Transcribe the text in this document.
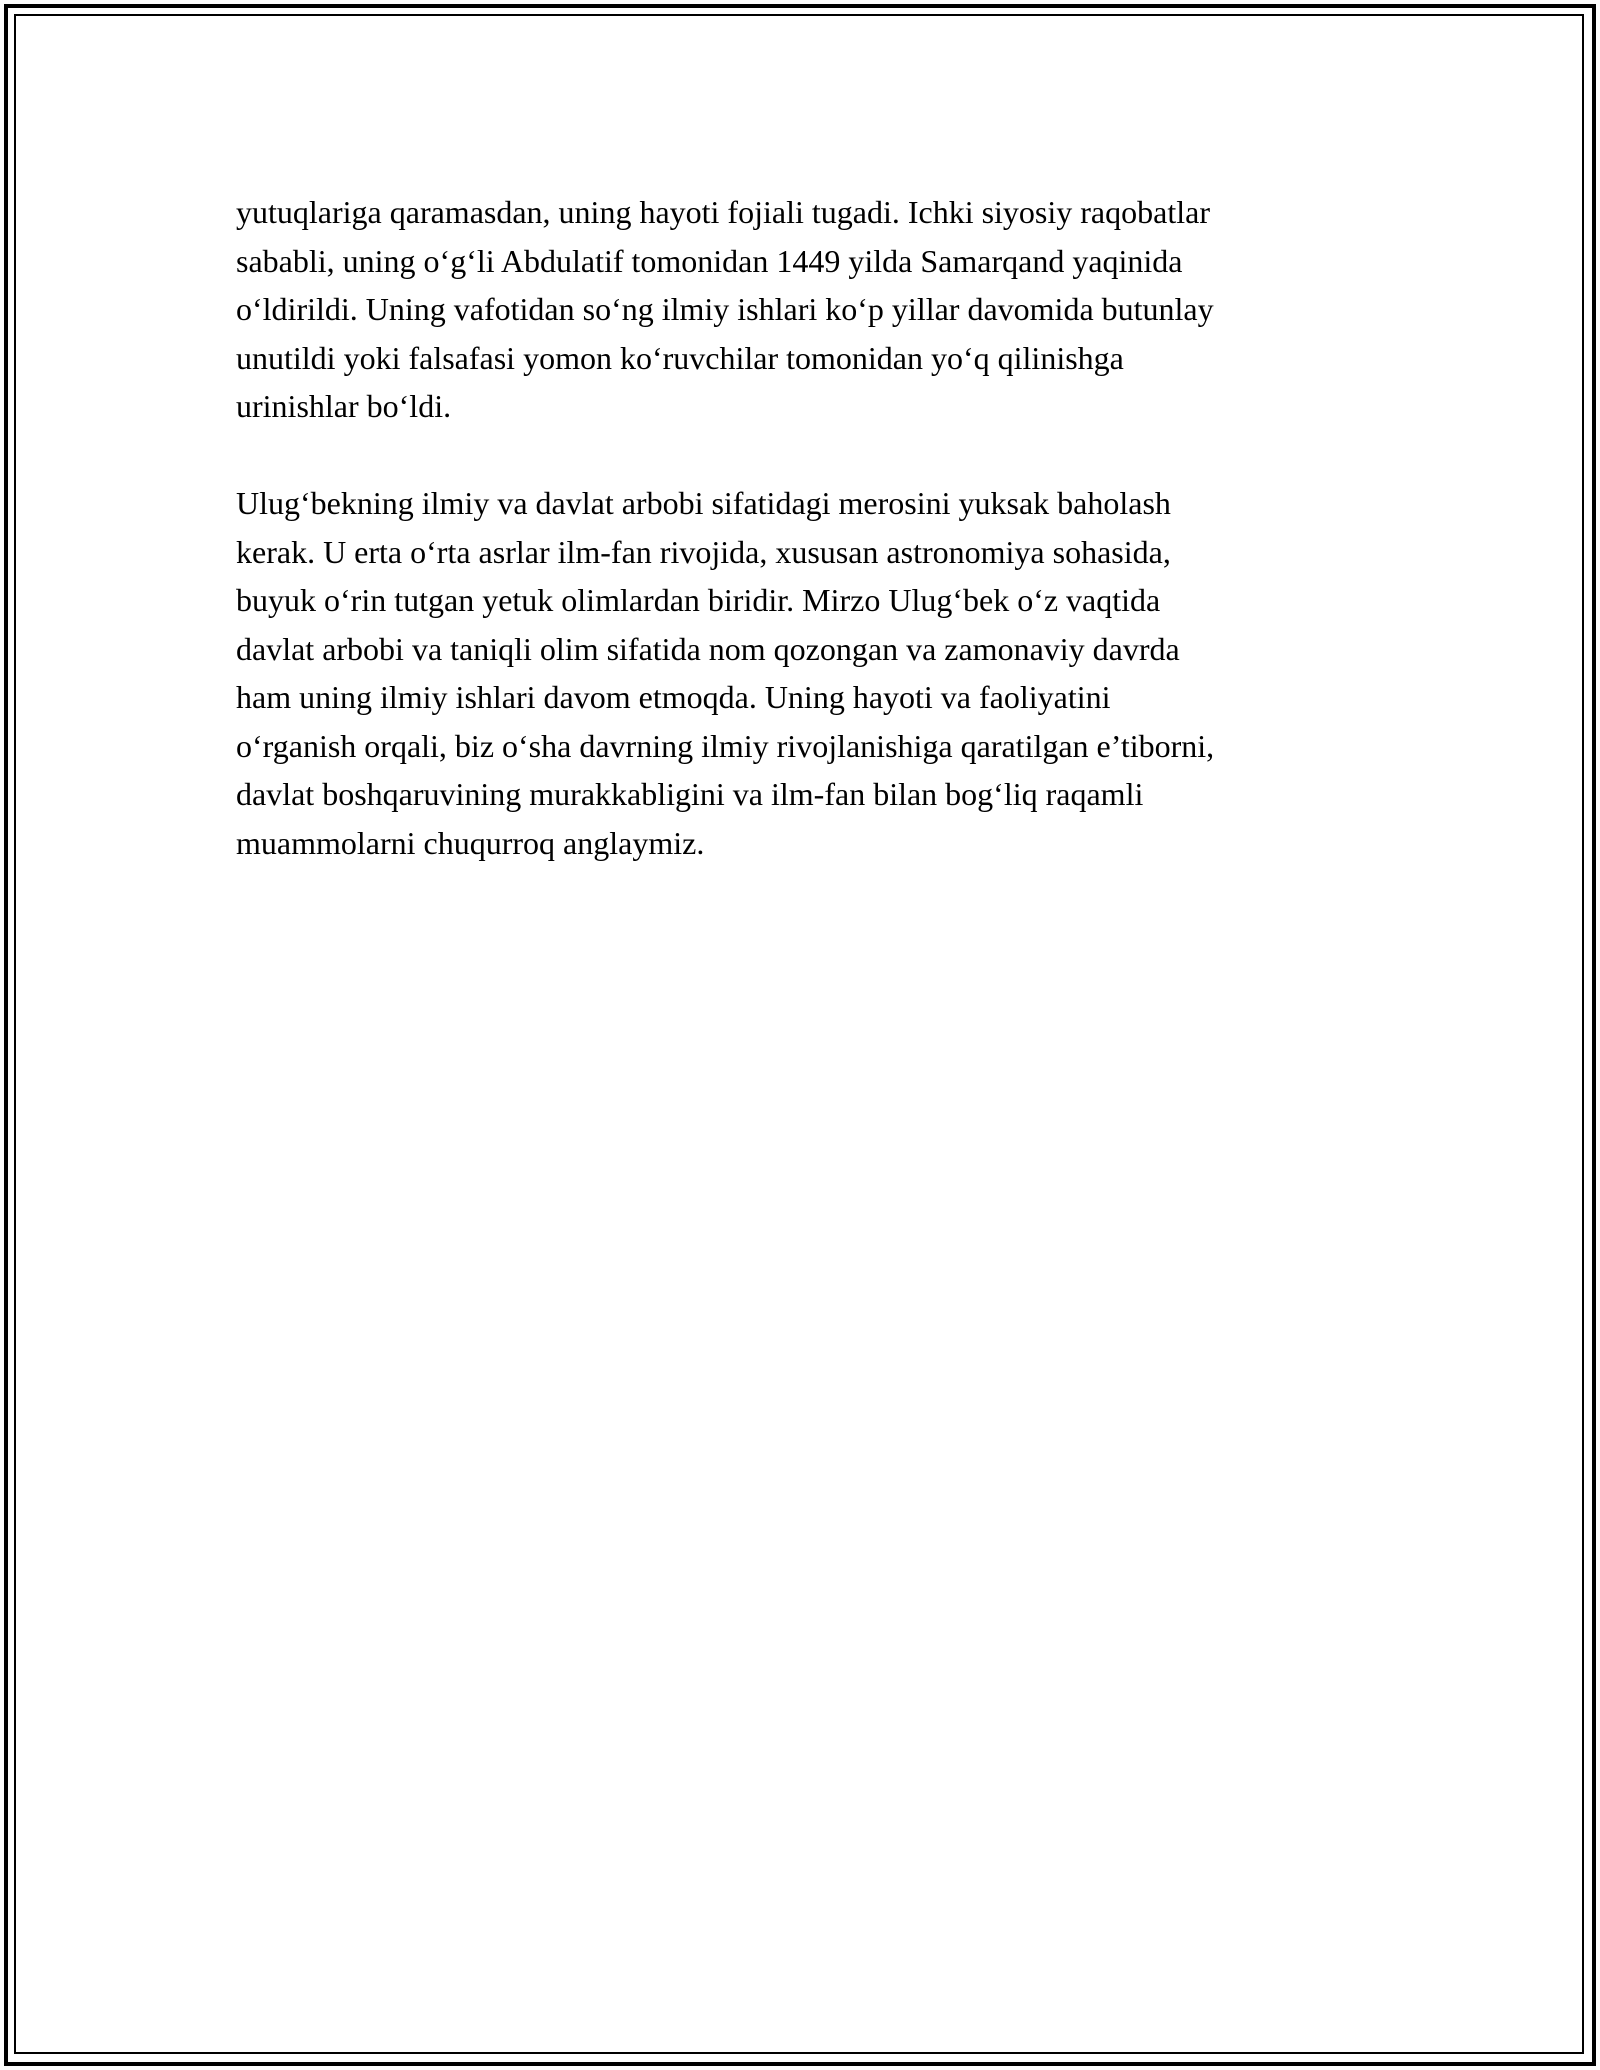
yutuqlariga qaramasdan, uning hayoti fojiali tugadi. Ichki siyosiy raqobatlar
sababli, uning o‘g‘li Abdulatif tomonidan 1449 yilda Samarqand yaqinida
o‘ldirildi. Uning vafotidan so‘ng ilmiy ishlari ko‘p yillar davomida butunlay
unutildi yoki falsafasi yomon ko‘ruvchilar tomonidan yo‘q qilinishga
urinishlar bo‘ldi.

Ulug‘bekning ilmiy va davlat arbobi sifatidagi merosini yuksak baholash
kerak. U erta o‘rta asrlar ilm-fan rivojida, xususan astronomiya sohasida,
buyuk o‘rin tutgan yetuk olimlardan biridir. Mirzo Ulug‘bek o‘z vaqtida
davlat arbobi va taniqli olim sifatida nom qozongan va zamonaviy davrda
ham uning ilmiy ishlari davom etmoqda. Uning hayoti va faoliyatini
o‘rganish orqali, biz o‘sha davrning ilmiy rivojlanishiga qaratilgan e’tiborni,
davlat boshqaruvining murakkabligini va ilm-fan bilan bog‘liq raqamli
muammolarni chuqurroq anglaymiz.
